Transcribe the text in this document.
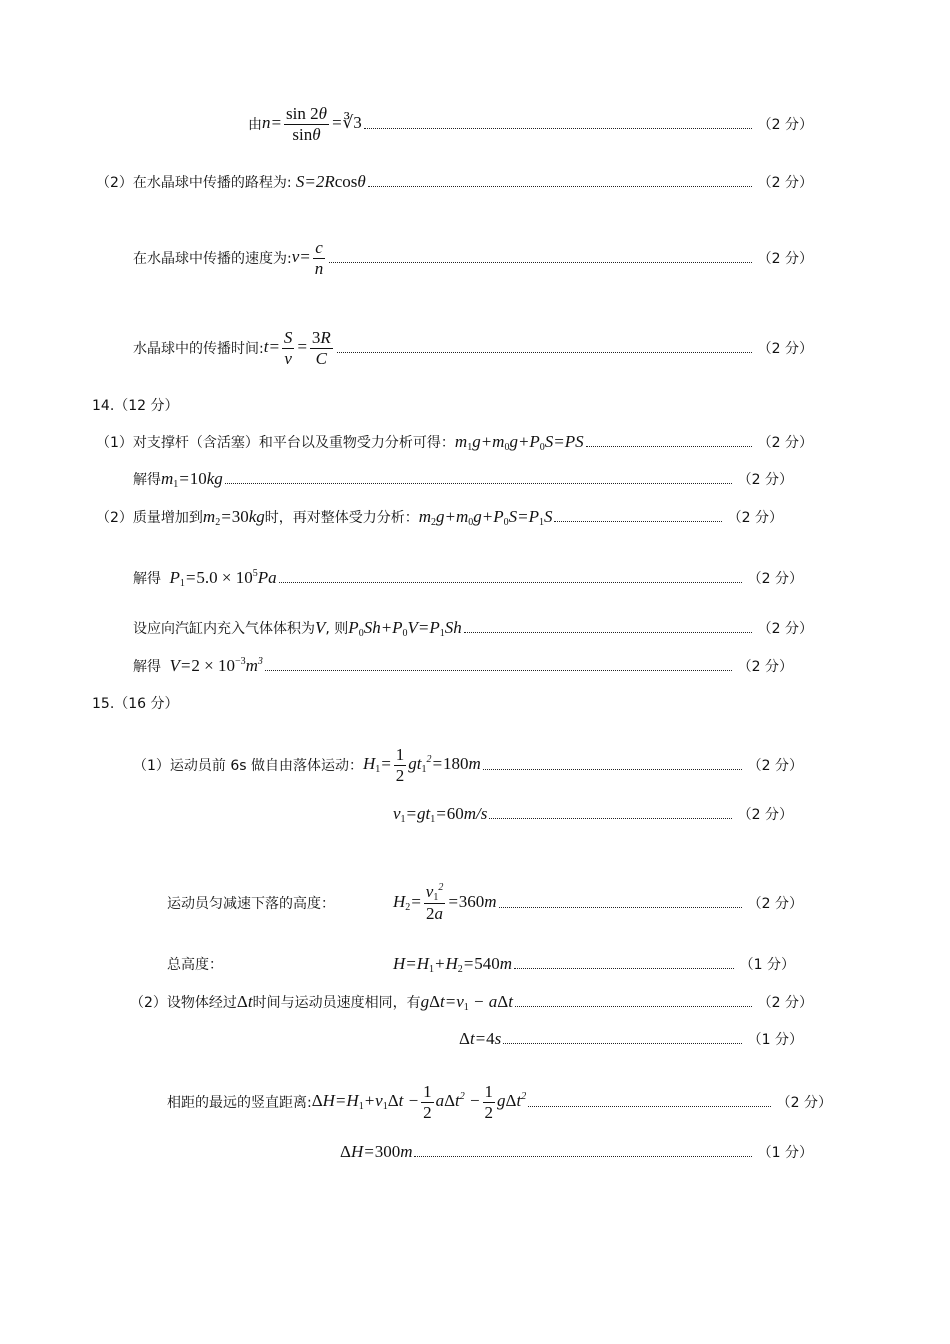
由 $n= \frac{\sin 2\theta}{\sin\theta}$ =∛3	（2 分）
（2）在水晶球中传播的路程为: S=2Rcosθ	（2 分）
在水晶球中传播的速度为: $v= \frac{c}{n}$	（2 分）
水晶球中的传播时间: $t= \frac{S}{v} = \frac{3R}{C}$	（2 分）
14.（12 分）
（1）对支撑杆（含活塞）和平台以及重物受力分析可得： $m_1g+m_0g+P_0S=PS$	（2 分）
解得 $m_1=10kg$	（2 分）
（2）质量增加到 $m_2=30kg$ 时，再对整体受力分析： $m_2g+m_0g+P_0S=P_1S$	（2 分）
解得 $P_1=5.0 \times 10^5Pa$	（2 分）
设应向汽缸内充入气体体积为 V , 则 $P_0Sh+P_0V=P_1Sh$	（2 分）
解得 $V=2 \times 10^{-3}m^3$	（2 分）
15.（16 分）
（1）运动员前 6s 做自由落体运动： $H_1= \frac{1}{2} gt_1^2=180m$	（2 分）
$v_1=gt_1=60m/s$	（2 分）
运动员匀减速下落的高度：	$H_2= \frac{v_1^2}{2a} =360m$	（2 分）
总高度：	$H=H_1+H_2=540m$	（1 分）
（2）设物体经过 Δt 时间与运动员速度相同，有 $g\Delta t=v_1 - a\Delta t$	（2 分）
Δt=4s	（1 分）
相距的最远的竖直距离: $\Delta H=H_1+v_1\Delta t - \frac{1}{2} a\Delta t^2 - \frac{1}{2} g\Delta t^2$	（2 分）
ΔH=300m	（1 分）
